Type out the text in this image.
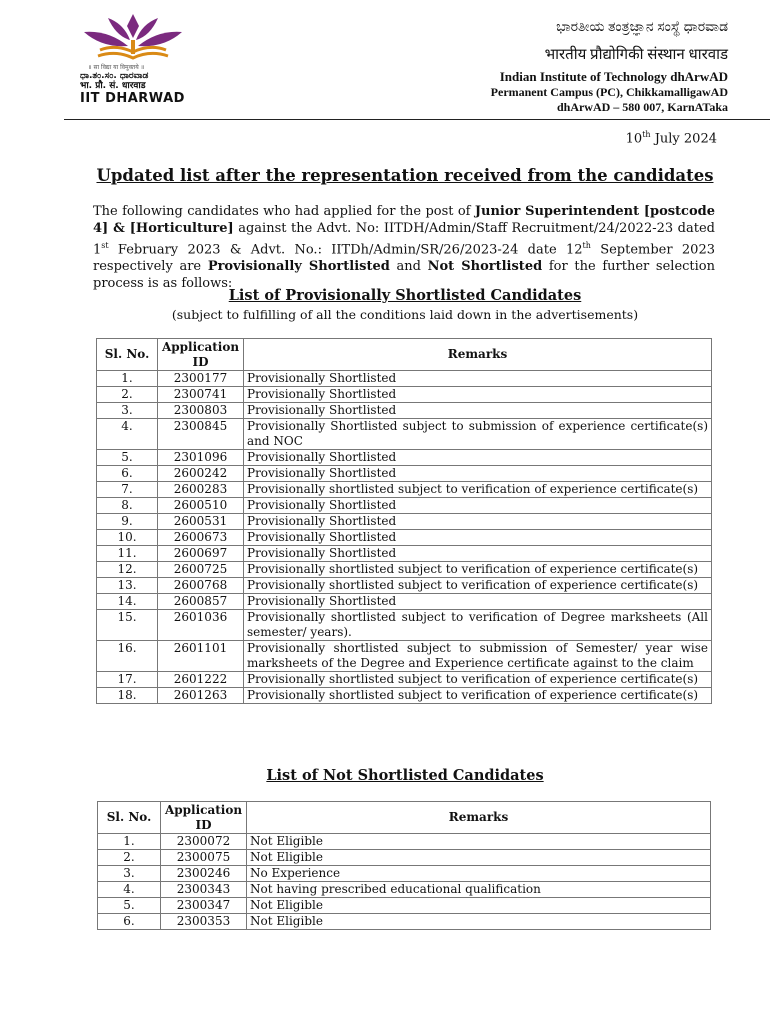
॥ सा विद्या या विमुक्तये ॥
ಧಾ.ತಂ.ಸಂ. ಧಾರವಾಡ
भा. प्रौ. सं. धारवाड
IIT DHARWAD
ಭಾರತೀಯ ತಂತ್ರಜ್ಞಾನ ಸಂಸ್ಥೆ ಧಾರವಾಡ
भारतीय प्रौद्योगिकी संस्थान धारवाड
Indian Institute of Technology dhArwAD
Permanent Campus (PC), ChikkamalligawAD
dhArwAD – 580 007, KarnATaka
10th July 2024
Updated list after the representation received from the candidates
The following candidates who had applied for the post of Junior Superintendent [postcode 4] & [Horticulture] against the Advt. No: IITDH/Admin/Staff Recruitment/24/2022-23 dated 1st February 2023 & Advt. No.: IITDh/Admin/SR/26/2023-24 date 12th September 2023 respectively are Provisionally Shortlisted and Not Shortlisted for the further selection process is as follows:
List of Provisionally Shortlisted Candidates
(subject to fulfilling of all the conditions laid down in the advertisements)
Sl. No.	Application ID	Remarks
1.	2300177	Provisionally Shortlisted
2.	2300741	Provisionally Shortlisted
3.	2300803	Provisionally Shortlisted
4.	2300845	Provisionally Shortlisted subject to submission of experience certificate(s) and NOC
5.	2301096	Provisionally Shortlisted
6.	2600242	Provisionally Shortlisted
7.	2600283	Provisionally shortlisted subject to verification of experience certificate(s)
8.	2600510	Provisionally Shortlisted
9.	2600531	Provisionally Shortlisted
10.	2600673	Provisionally Shortlisted
11.	2600697	Provisionally Shortlisted
12.	2600725	Provisionally shortlisted subject to verification of experience certificate(s)
13.	2600768	Provisionally shortlisted subject to verification of experience certificate(s)
14.	2600857	Provisionally Shortlisted
15.	2601036	Provisionally shortlisted subject to verification of Degree marksheets (All semester/ years).
16.	2601101	Provisionally shortlisted subject to submission of Semester/ year wise marksheets of the Degree and Experience certificate against to the claim
17.	2601222	Provisionally shortlisted subject to verification of experience certificate(s)
18.	2601263	Provisionally shortlisted subject to verification of experience certificate(s)
List of Not Shortlisted Candidates
Sl. No.	Application ID	Remarks
1.	2300072	Not Eligible
2.	2300075	Not Eligible
3.	2300246	No Experience
4.	2300343	Not having prescribed educational qualification
5.	2300347	Not Eligible
6.	2300353	Not Eligible
